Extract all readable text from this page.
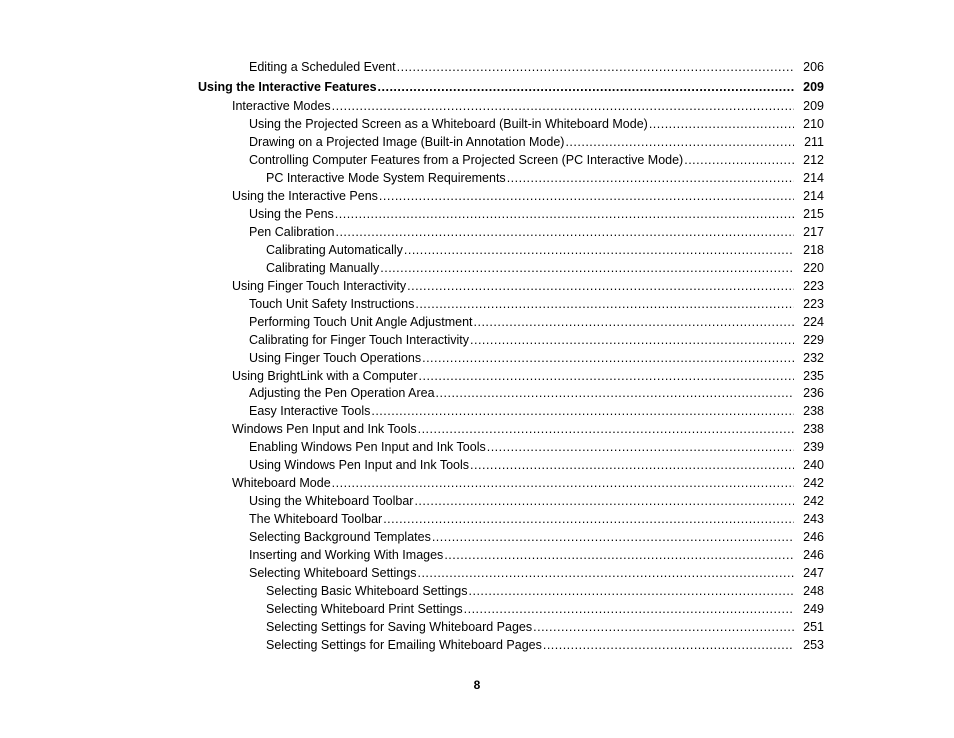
Editing a Scheduled Event .....	206
Using the Interactive Features .....	209
Interactive Modes .....	209
Using the Projected Screen as a Whiteboard (Built-in Whiteboard Mode) .....	210
Drawing on a Projected Image (Built-in Annotation Mode) .....	211
Controlling Computer Features from a Projected Screen (PC Interactive Mode) .....	212
PC Interactive Mode System Requirements .....	214
Using the Interactive Pens .....	214
Using the Pens .....	215
Pen Calibration .....	217
Calibrating Automatically .....	218
Calibrating Manually .....	220
Using Finger Touch Interactivity .....	223
Touch Unit Safety Instructions .....	223
Performing Touch Unit Angle Adjustment .....	224
Calibrating for Finger Touch Interactivity .....	229
Using Finger Touch Operations .....	232
Using BrightLink with a Computer .....	235
Adjusting the Pen Operation Area .....	236
Easy Interactive Tools .....	238
Windows Pen Input and Ink Tools .....	238
Enabling Windows Pen Input and Ink Tools .....	239
Using Windows Pen Input and Ink Tools .....	240
Whiteboard Mode .....	242
Using the Whiteboard Toolbar .....	242
The Whiteboard Toolbar .....	243
Selecting Background Templates .....	246
Inserting and Working With Images .....	246
Selecting Whiteboard Settings .....	247
Selecting Basic Whiteboard Settings .....	248
Selecting Whiteboard Print Settings .....	249
Selecting Settings for Saving Whiteboard Pages .....	251
Selecting Settings for Emailing Whiteboard Pages .....	253
8
